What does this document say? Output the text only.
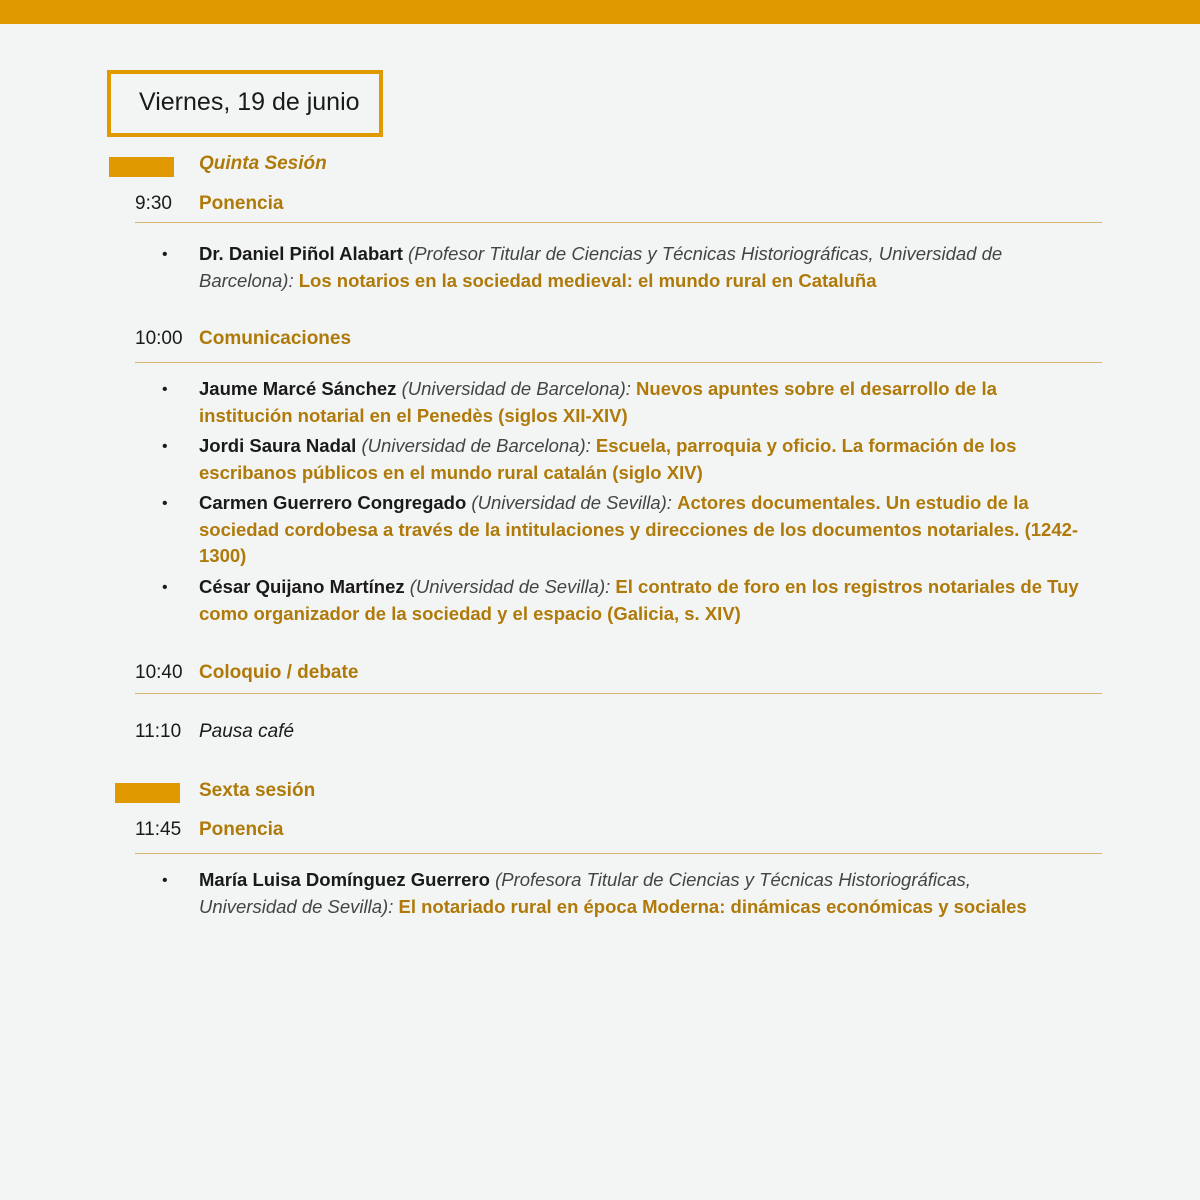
Viernes, 19 de junio
Quinta Sesión
9:30 Ponencia
• Dr. Daniel Piñol Alabart (Profesor Titular de Ciencias y Técnicas Historiográficas, Universidad de Barcelona): Los notarios en la sociedad medieval: el mundo rural en Cataluña
10:00 Comunicaciones
• Jaume Marcé Sánchez (Universidad de Barcelona): Nuevos apuntes sobre el desarrollo de la institución notarial en el Penedès (siglos XII-XIV)
• Jordi Saura Nadal (Universidad de Barcelona): Escuela, parroquia y oficio. La formación de los escribanos públicos en el mundo rural catalán (siglo XIV)
• Carmen Guerrero Congregado (Universidad de Sevilla): Actores documentales. Un estudio de la sociedad cordobesa a través de la intitulaciones y direcciones de los documentos notariales. (1242-1300)
• César Quijano Martínez (Universidad de Sevilla): El contrato de foro en los registros notariales de Tuy como organizador de la sociedad y el espacio (Galicia, s. XIV)
10:40 Coloquio / debate
11:10 Pausa café
Sexta sesión
11:45 Ponencia
• María Luisa Domínguez Guerrero (Profesora Titular de Ciencias y Técnicas Historiográficas, Universidad de Sevilla): El notariado rural en época Moderna: dinámicas económicas y sociales
